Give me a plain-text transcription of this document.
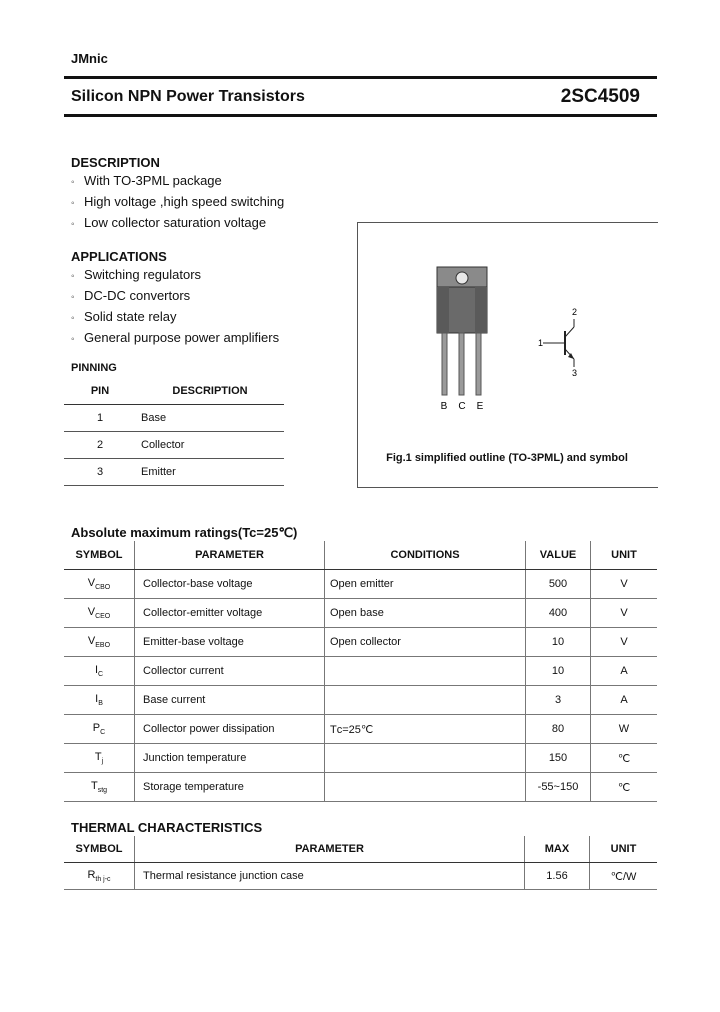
JMnic
Silicon NPN Power Transistors	2SC4509
DESCRIPTION
◦ With TO-3PML package
◦ High voltage ,high speed switching
◦ Low collector saturation voltage
APPLICATIONS
◦ Switching regulators
◦ DC-DC convertors
◦ Solid state relay
◦ General purpose power amplifiers
PINNING
PIN	DESCRIPTION
1	Base
2	Collector
3	Emitter
B C E
1
2
3
Fig.1 simplified outline (TO-3PML) and symbol
Absolute maximum ratings(Tc=25℃)
SYMBOL	PARAMETER	CONDITIONS	VALUE	UNIT
$V_{CBO}$	Collector-base voltage	Open emitter	500	V
$V_{CEO}$	Collector-emitter voltage	Open base	400	V
$V_{EBO}$	Emitter-base voltage	Open collector	10	V
$I_C$	Collector current		10	A
$I_B$	Base current		3	A
$P_C$	Collector power dissipation	Tᴄ=25℃	80	W
$T_j$	Junction temperature		150	℃
$T_{stg}$	Storage temperature		-55~150	℃
THERMAL CHARACTERISTICS
SYMBOL	PARAMETER	MAX	UNIT
$R_{th j-c}$	Thermal resistance junction case	1.56	℃/W
